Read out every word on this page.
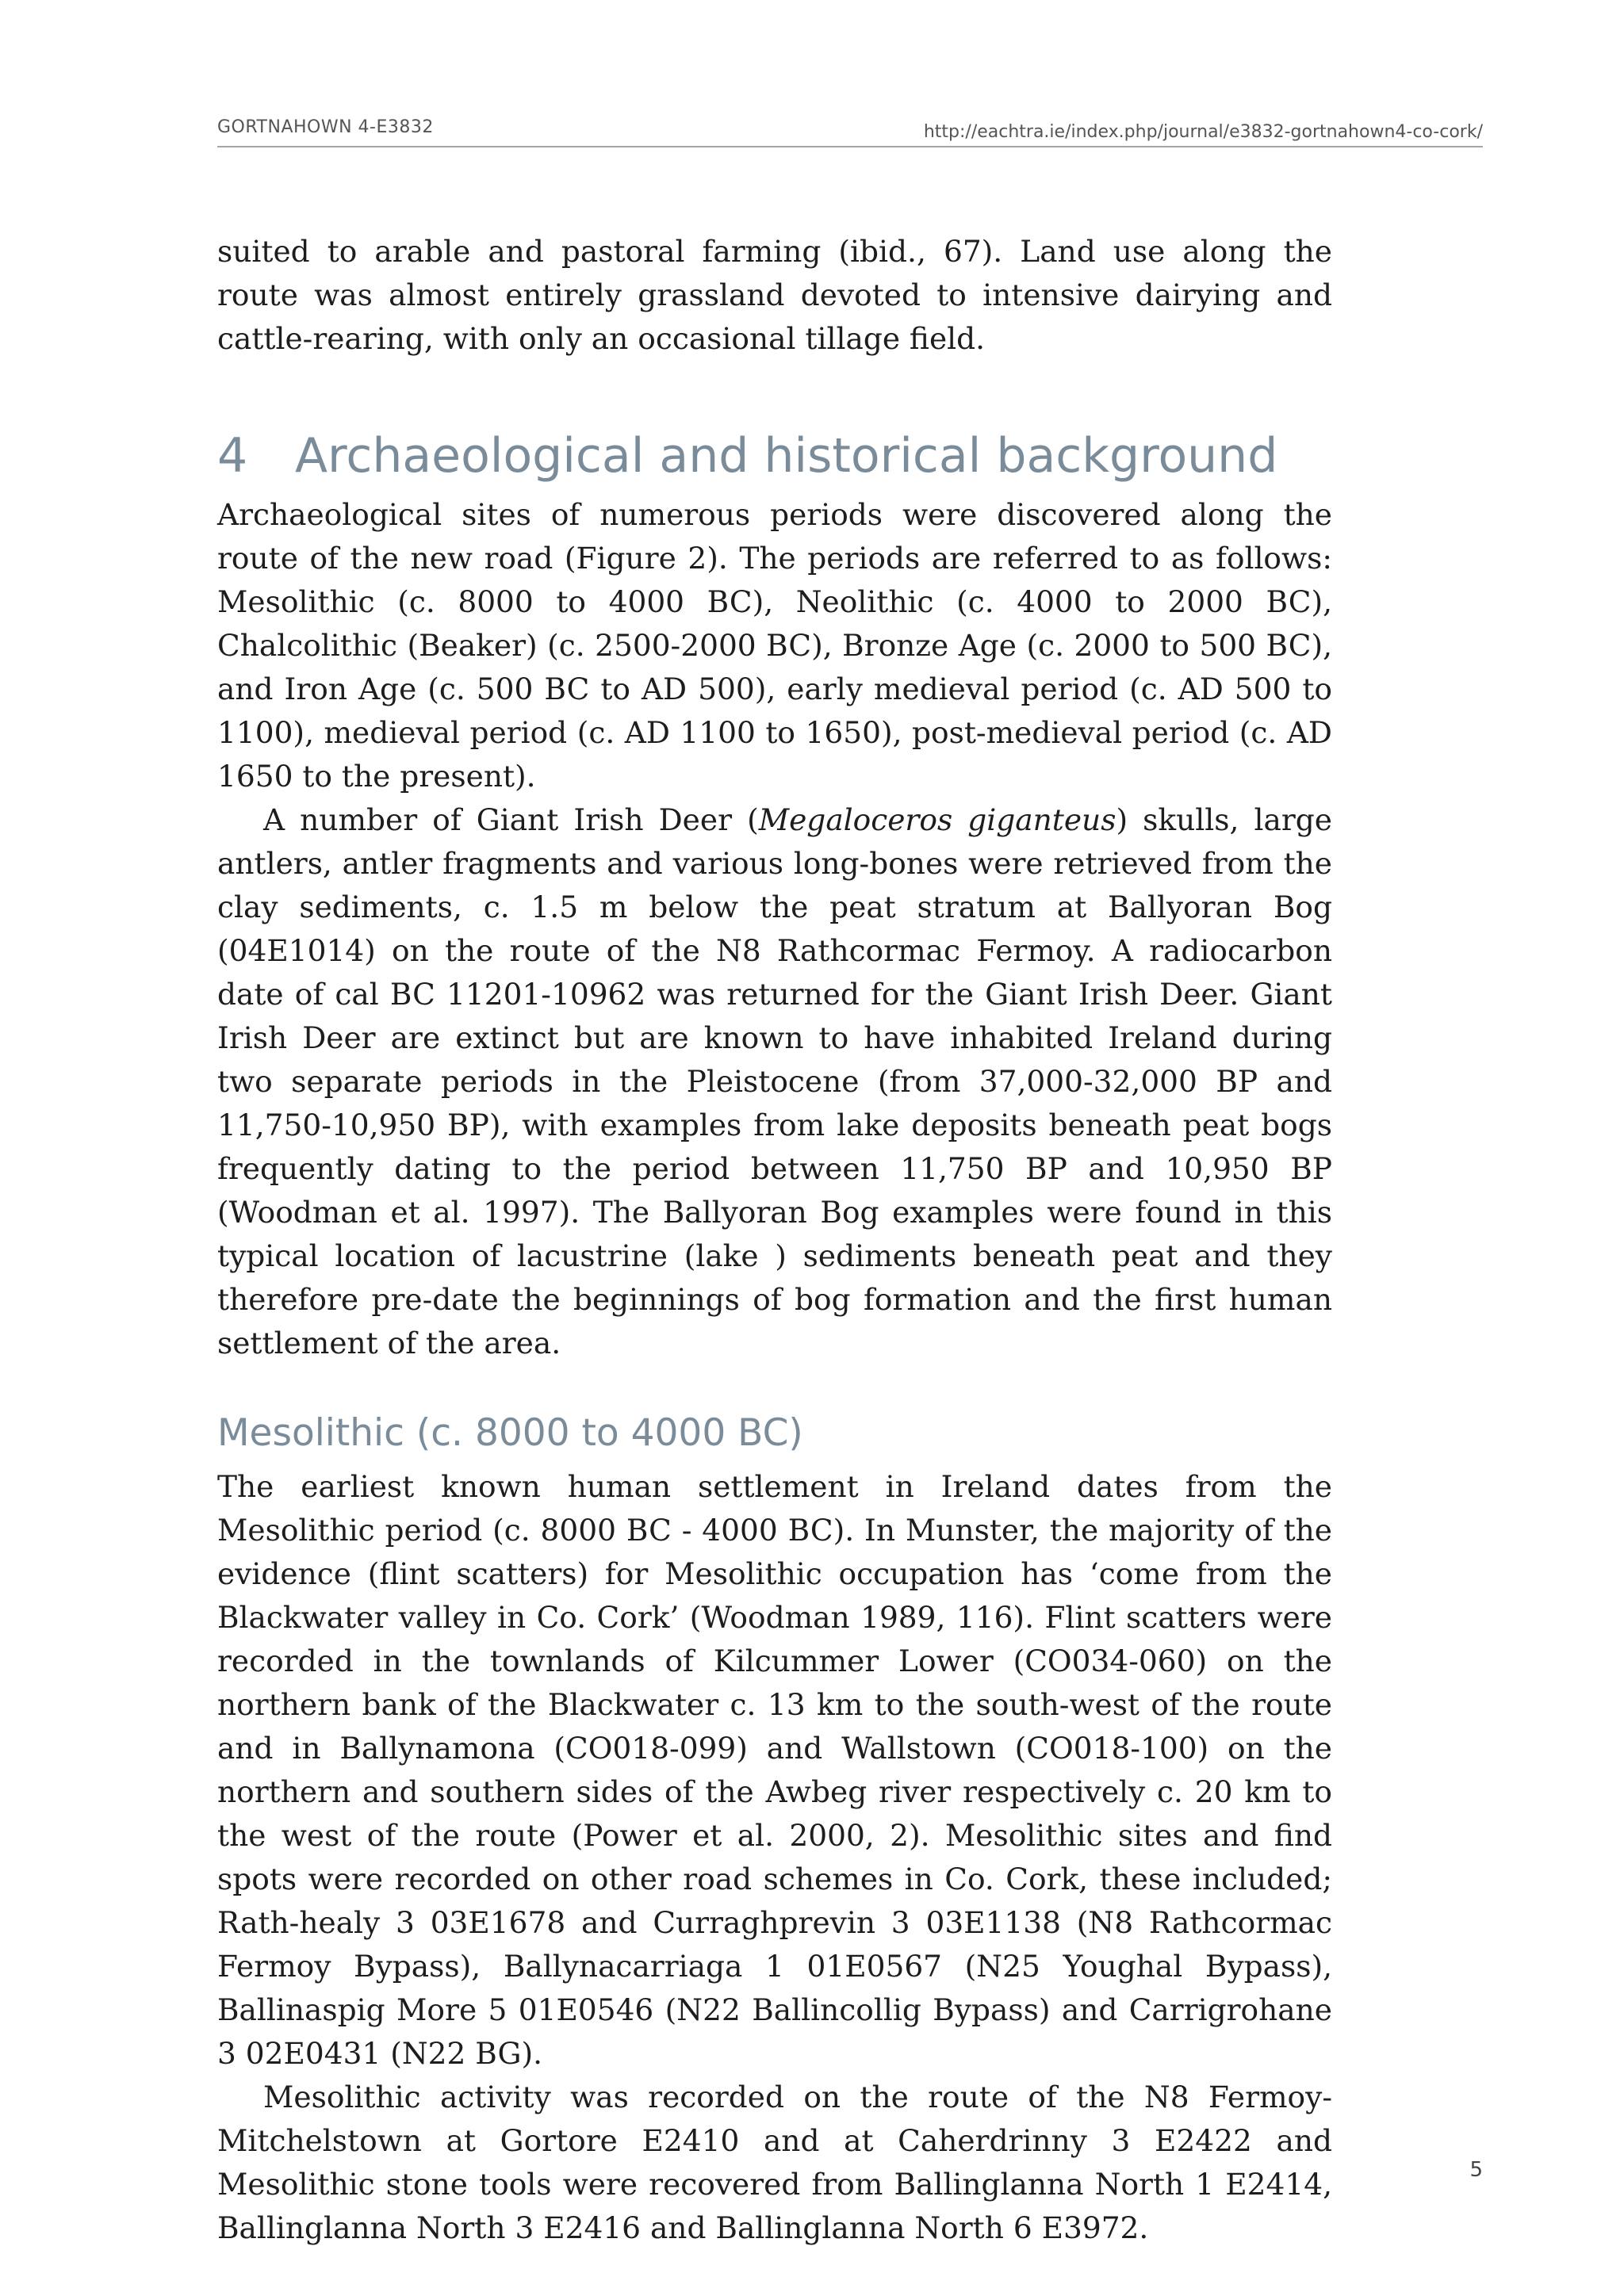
GORTNAHOWN 4-E3832	http://eachtra.ie/index.php/journal/e3832-gortnahown4-co-cork/

suited to arable and pastoral farming (ibid., 67). Land use along the route was almost entirely grassland devoted to intensive dairying and cattle-rearing, with only an occasional tillage field.

4 Archaeological and historical background

Archaeological sites of numerous periods were discovered along the route of the new road (Figure 2). The periods are referred to as follows: Mesolithic (c. 8000 to 4000 BC), Neolithic (c. 4000 to 2000 BC), Chalcolithic (Beaker) (c. 2500-2000 BC), Bronze Age (c. 2000 to 500 BC), and Iron Age (c. 500 BC to AD 500), early medieval period (c. AD 500 to 1100), medieval period (c. AD 1100 to 1650), post-medieval period (c. AD 1650 to the present).

A number of Giant Irish Deer (Megaloceros giganteus) skulls, large antlers, antler fragments and various long-bones were retrieved from the clay sediments, c. 1.5 m below the peat stratum at Ballyoran Bog (04E1014) on the route of the N8 Rathcormac Fermoy. A radiocarbon date of cal BC 11201-10962 was returned for the Giant Irish Deer. Giant Irish Deer are extinct but are known to have inhabited Ireland during two separate periods in the Pleistocene (from 37,000-32,000 BP and 11,750-10,950 BP), with examples from lake deposits beneath peat bogs frequently dating to the period between 11,750 BP and 10,950 BP (Woodman et al. 1997). The Ballyoran Bog examples were found in this typical location of lacustrine (lake ) sediments beneath peat and they therefore pre-date the beginnings of bog formation and the first human settlement of the area.

Mesolithic (c. 8000 to 4000 BC)

The earliest known human settlement in Ireland dates from the Mesolithic period (c. 8000 BC - 4000 BC). In Munster, the majority of the evidence (flint scatters) for Mesolithic occupation has ‘come from the Blackwater valley in Co. Cork’ (Woodman 1989, 116). Flint scatters were recorded in the townlands of Kilcummer Lower (CO034-060) on the northern bank of the Blackwater c. 13 km to the south-west of the route and in Ballynamona (CO018-099) and Wallstown (CO018-100) on the northern and southern sides of the Awbeg river respectively c. 20 km to the west of the route (Power et al. 2000, 2). Mesolithic sites and find spots were recorded on other road schemes in Co. Cork, these included; Rath-healy 3 03E1678 and Curraghprevin 3 03E1138 (N8 Rathcormac Fermoy Bypass), Ballynacarriaga 1 01E0567 (N25 Youghal Bypass), Ballinaspig More 5 01E0546 (N22 Ballincollig Bypass) and Carrigrohane 3 02E0431 (N22 BG).

Mesolithic activity was recorded on the route of the N8 Fermoy-Mitchelstown at Gortore E2410 and at Caherdrinny 3 E2422 and Mesolithic stone tools were recovered from Ballinglanna North 1 E2414, Ballinglanna North 3 E2416 and Ballinglanna North 6 E3972.

5
